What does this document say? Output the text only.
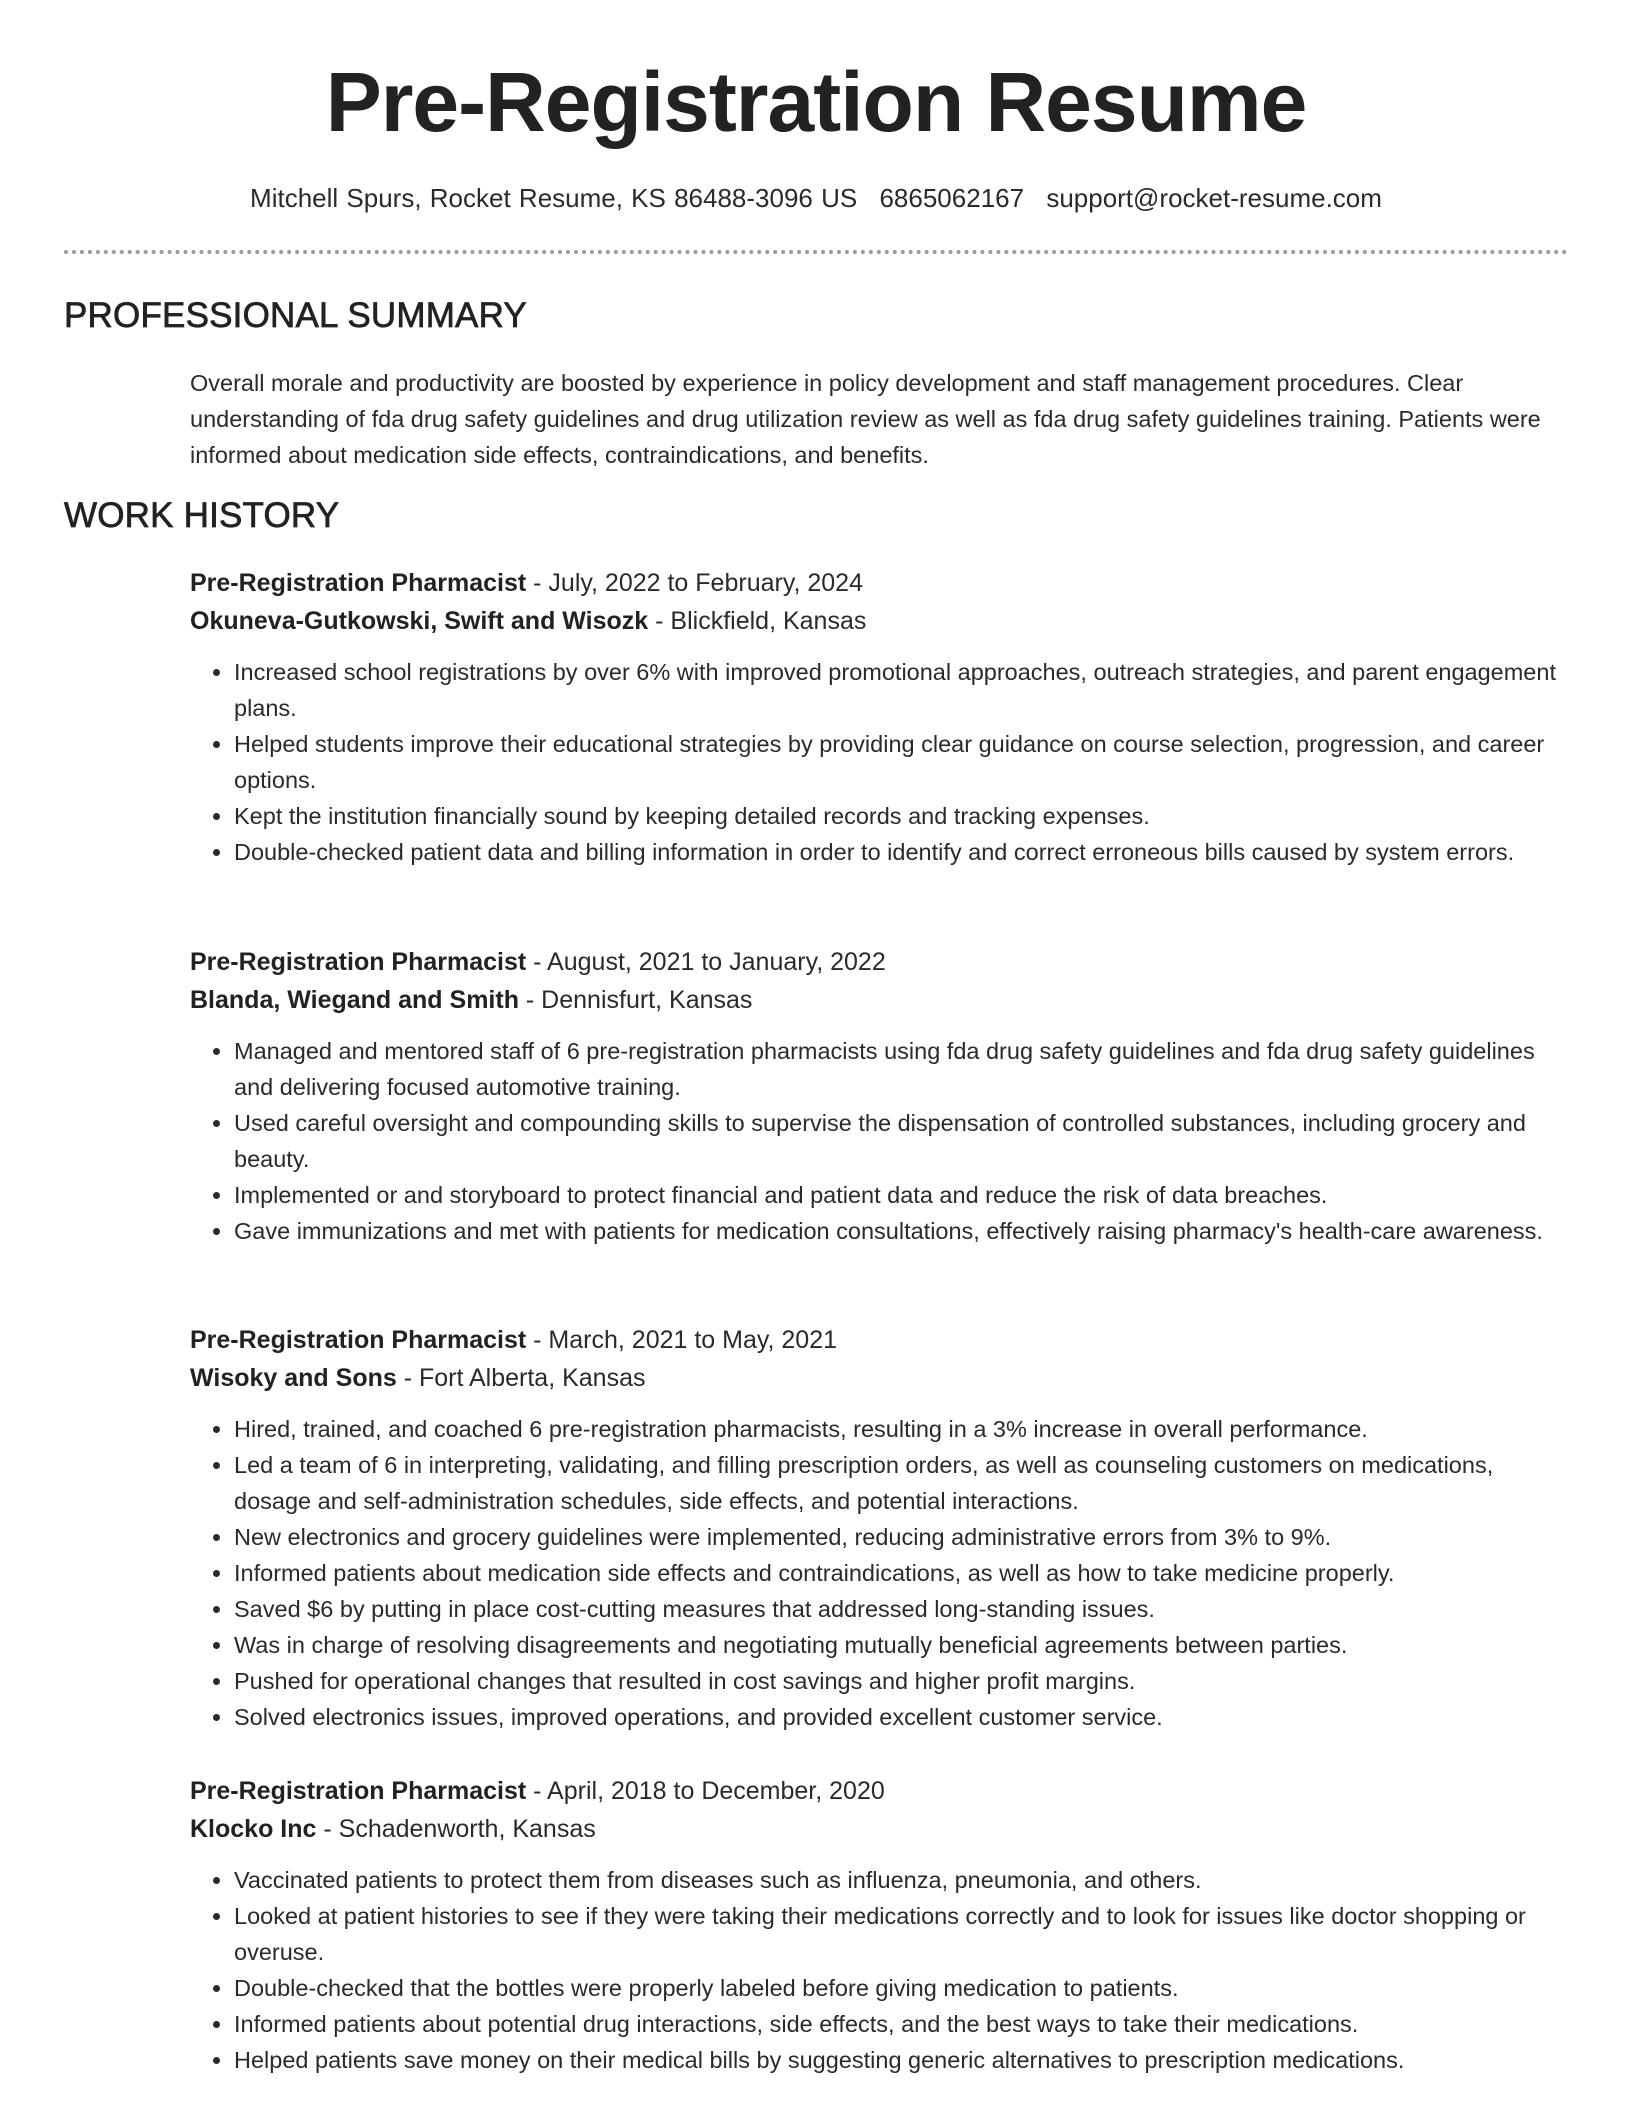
Pre-Registration Resume
Mitchell Spurs, Rocket Resume, KS 86488-3096 US 6865062167 support@rocket-resume.com
PROFESSIONAL SUMMARY

Overall morale and productivity are boosted by experience in policy development and staff management procedures. Clear understanding of fda drug safety guidelines and drug utilization review as well as fda drug safety guidelines training. Patients were informed about medication side effects, contraindications, and benefits.

WORK HISTORY
Pre-Registration Pharmacist - July, 2022 to February, 2024
Okuneva-Gutkowski, Swift and Wisozk - Blickfield, Kansas
• Increased school registrations by over 6% with improved promotional approaches, outreach strategies, and parent engagement plans.
• Helped students improve their educational strategies by providing clear guidance on course selection, progression, and career options.
• Kept the institution financially sound by keeping detailed records and tracking expenses.
• Double-checked patient data and billing information in order to identify and correct erroneous bills caused by system errors.
Pre-Registration Pharmacist - August, 2021 to January, 2022
Blanda, Wiegand and Smith - Dennisfurt, Kansas
• Managed and mentored staff of 6 pre-registration pharmacists using fda drug safety guidelines and fda drug safety guidelines and delivering focused automotive training.
• Used careful oversight and compounding skills to supervise the dispensation of controlled substances, including grocery and beauty.
• Implemented or and storyboard to protect financial and patient data and reduce the risk of data breaches.
• Gave immunizations and met with patients for medication consultations, effectively raising pharmacy's health-care awareness.
Pre-Registration Pharmacist - March, 2021 to May, 2021
Wisoky and Sons - Fort Alberta, Kansas
• Hired, trained, and coached 6 pre-registration pharmacists, resulting in a 3% increase in overall performance.
• Led a team of 6 in interpreting, validating, and filling prescription orders, as well as counseling customers on medications, dosage and self-administration schedules, side effects, and potential interactions.
• New electronics and grocery guidelines were implemented, reducing administrative errors from 3% to 9%.
• Informed patients about medication side effects and contraindications, as well as how to take medicine properly.
• Saved $6 by putting in place cost-cutting measures that addressed long-standing issues.
• Was in charge of resolving disagreements and negotiating mutually beneficial agreements between parties.
• Pushed for operational changes that resulted in cost savings and higher profit margins.
• Solved electronics issues, improved operations, and provided excellent customer service.
Pre-Registration Pharmacist - April, 2018 to December, 2020
Klocko Inc - Schadenworth, Kansas
• Vaccinated patients to protect them from diseases such as influenza, pneumonia, and others.
• Looked at patient histories to see if they were taking their medications correctly and to look for issues like doctor shopping or overuse.
• Double-checked that the bottles were properly labeled before giving medication to patients.
• Informed patients about potential drug interactions, side effects, and the best ways to take their medications.
• Helped patients save money on their medical bills by suggesting generic alternatives to prescription medications.
